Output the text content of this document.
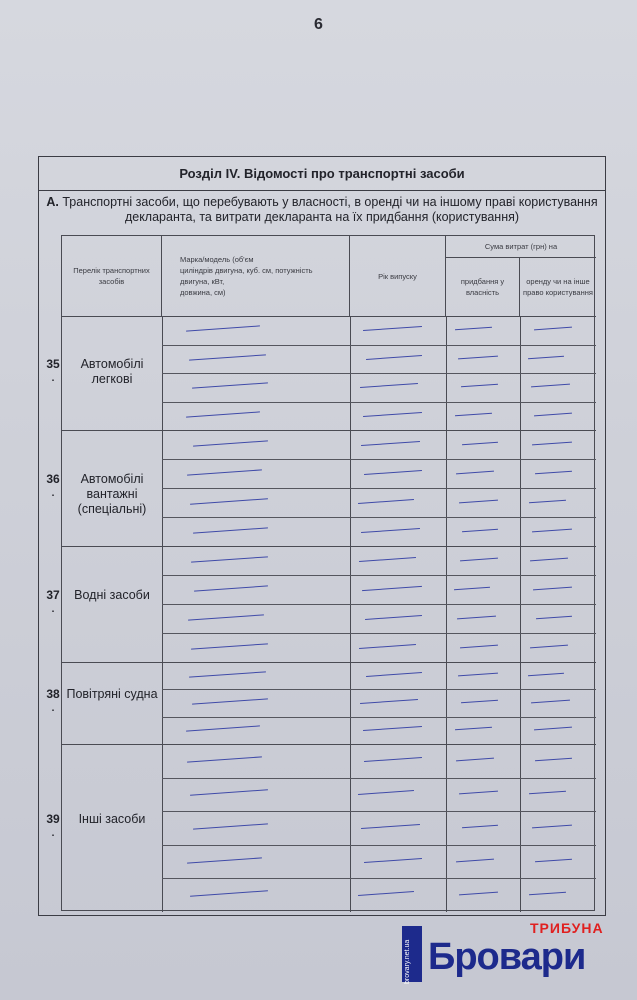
6
Розділ IV. Відомості про транспортні засоби
А. Транспортні засоби, що перебувають у власності, в оренді чи на іншому праві користування
декларанта, та витрати декларанта на їх придбання (користування)
Перелік транспортних засобів
Марка/модель (об'єм
циліндрів двигуна, куб. см, потужність двигуна, кВт,
довжина, см)
Рік випуску
Сума витрат (грн) на
придбання у власність
оренду чи на інше право користування
35
.
Автомобілі легкові
36
.
Автомобілі вантажні (спеціальні)
37
.
Водні засоби
38
.
Повітряні судна
39
.
Інші засоби
brovary.net.ua
ТРИБУНА
Бровари
